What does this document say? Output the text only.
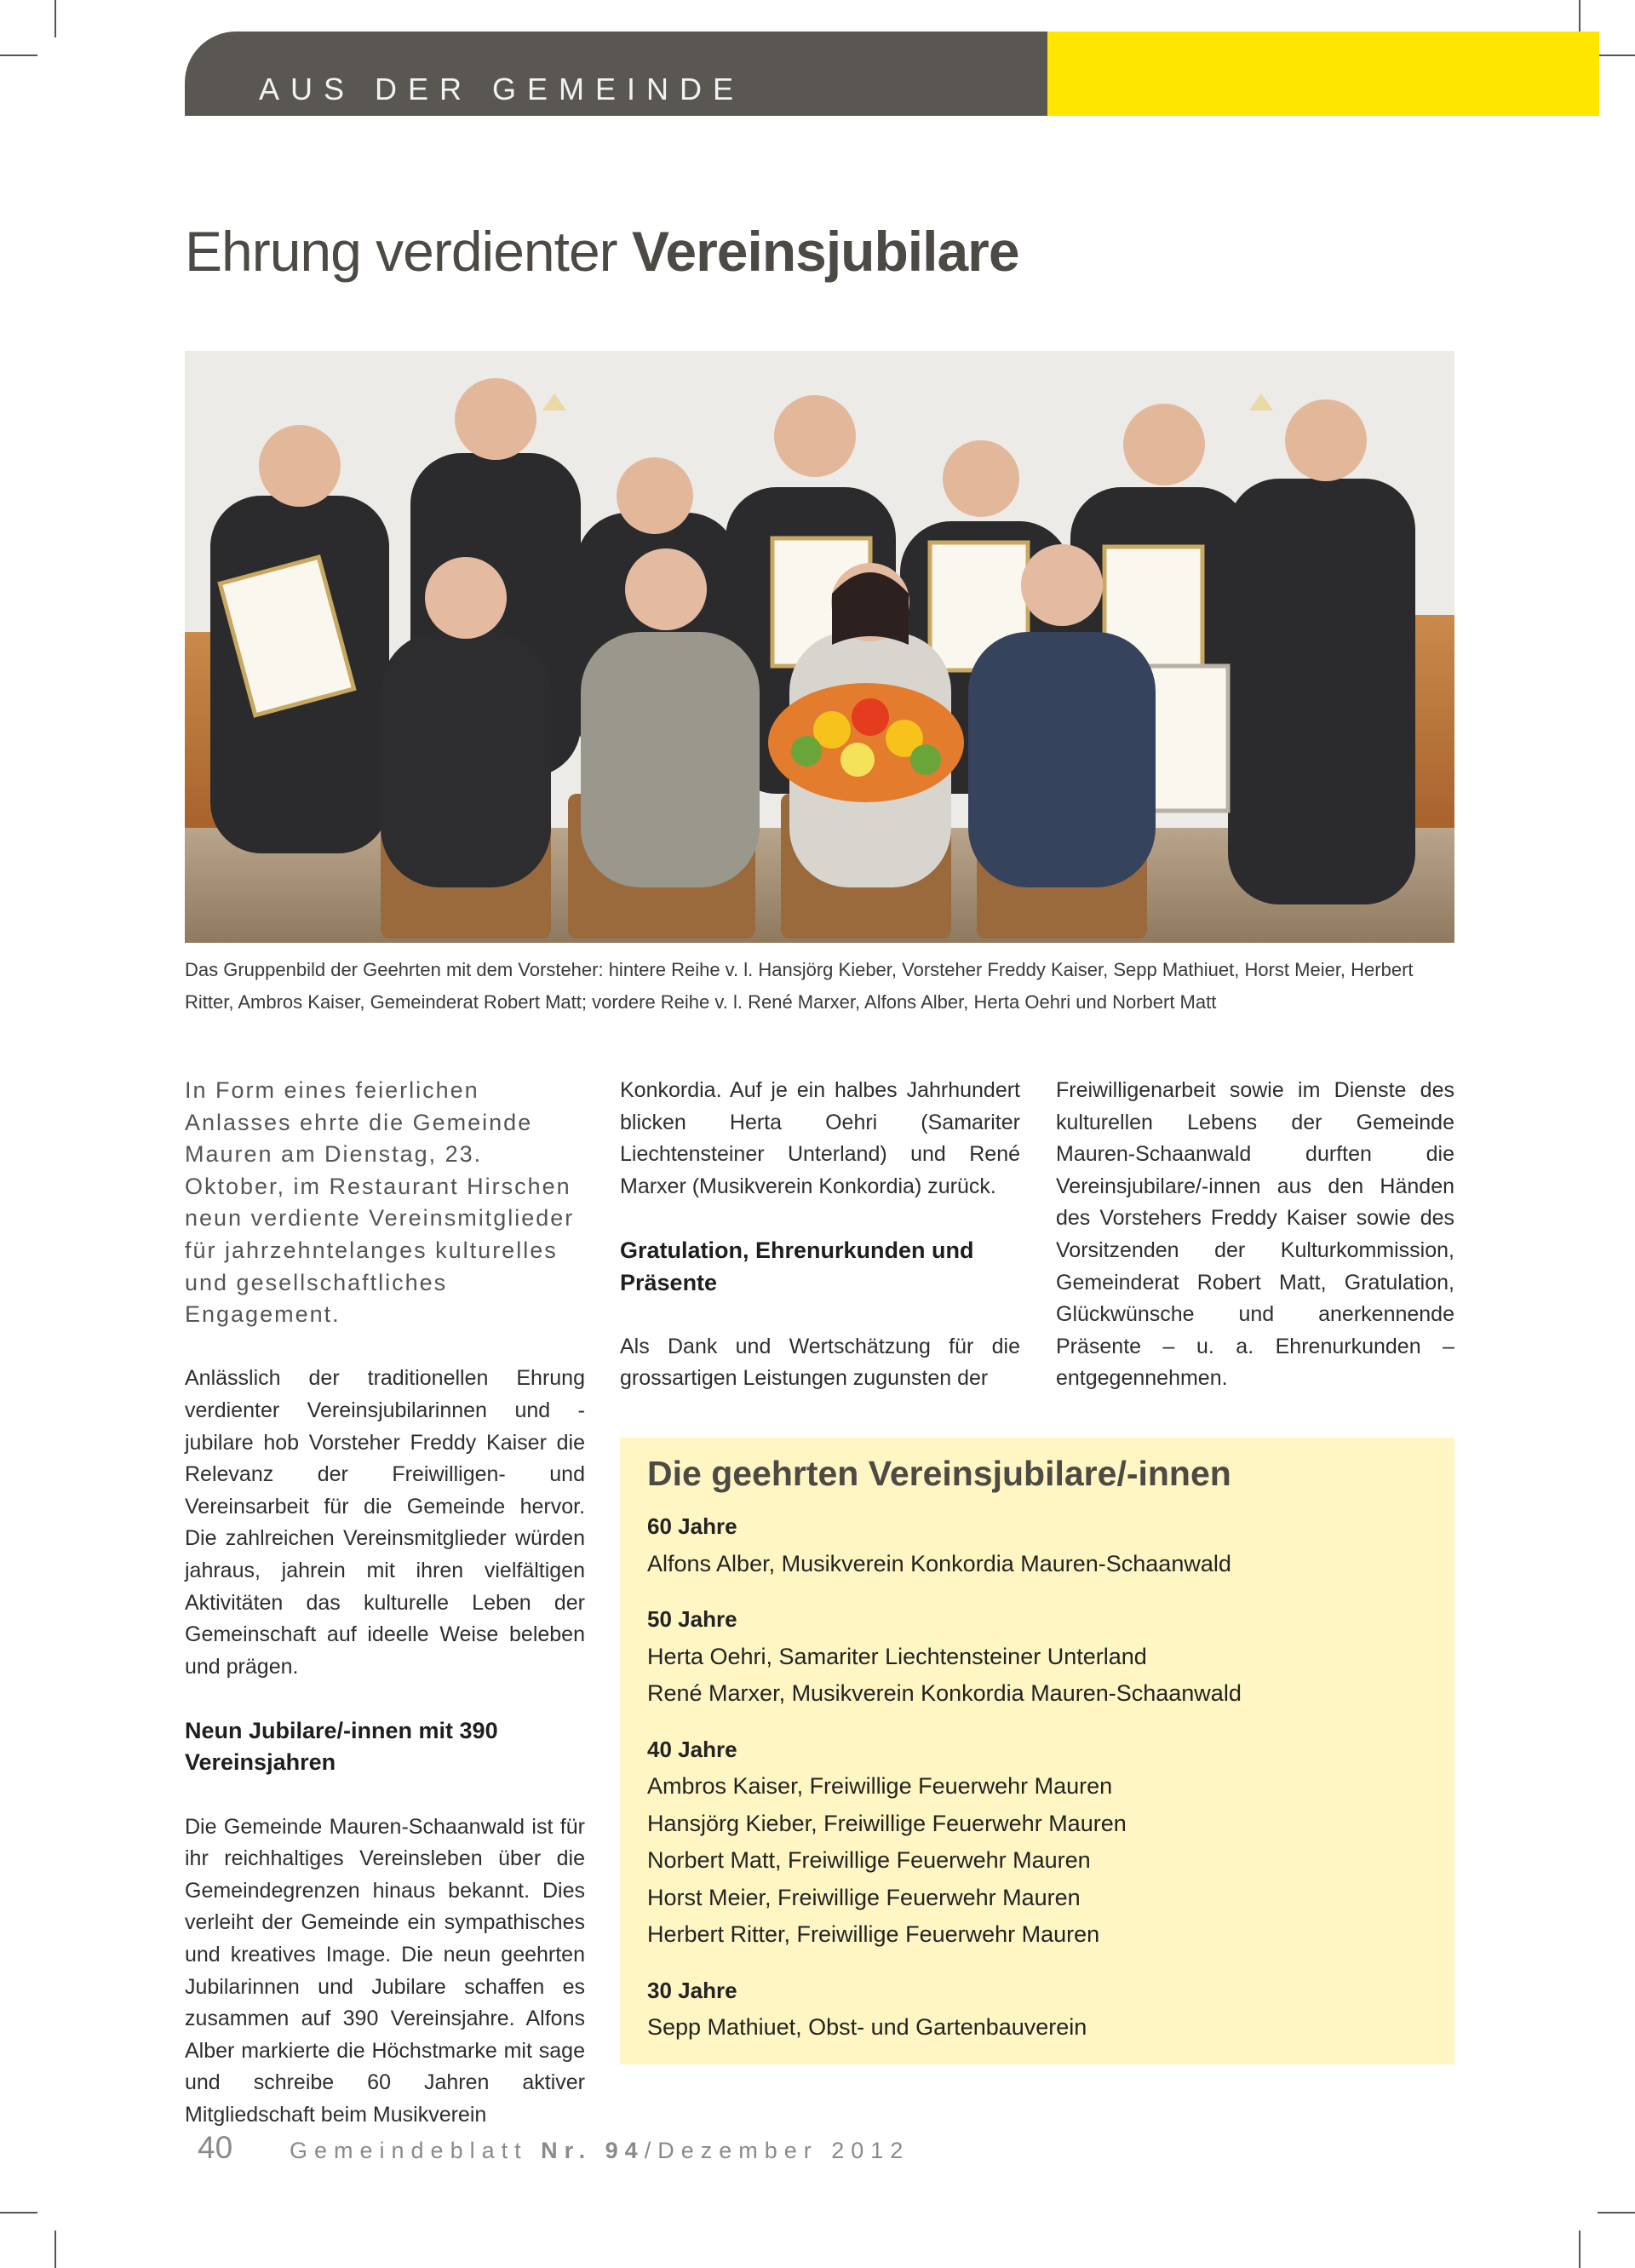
AUS DER GEMEINDE
Ehrung verdienter Vereinsjubilare

Das Gruppenbild der Geehrten mit dem Vorsteher: hintere Reihe v. l. Hansjörg Kieber, Vorsteher Freddy Kaiser, Sepp Mathiuet, Horst Meier, Herbert Ritter, Ambros Kaiser, Gemeinderat Robert Matt; vordere Reihe v. l. René Marxer, Alfons Alber, Herta Oehri und Norbert Matt

In Form eines feierlichen Anlasses ehrte die Gemeinde Mauren am Dienstag, 23. Oktober, im Restaurant Hirschen neun verdiente Vereinsmitglieder für jahrzehntelanges kulturelles und gesellschaftliches Engagement.

Anlässlich der traditionellen Ehrung verdienter Vereinsjubilarinnen und -jubilare hob Vorsteher Freddy Kaiser die Relevanz der Freiwilligen- und Vereinsarbeit für die Gemeinde hervor. Die zahlreichen Vereinsmitglieder würden jahraus, jahrein mit ihren vielfältigen Aktivitäten das kulturelle Leben der Gemeinschaft auf ideelle Weise beleben und prägen.

Neun Jubilare/-innen mit 390 Vereinsjahren

Die Gemeinde Mauren-Schaanwald ist für ihr reichhaltiges Vereinsleben über die Gemeindegrenzen hinaus bekannt. Dies verleiht der Gemeinde ein sympathisches und kreatives Image. Die neun geehrten Jubilarinnen und Jubilare schaffen es zusammen auf 390 Vereinsjahre. Alfons Alber markierte die Höchstmarke mit sage und schreibe 60 Jahren aktiver Mitgliedschaft beim Musikverein

Konkordia. Auf je ein halbes Jahrhundert blicken Herta Oehri (Samariter Liechtensteiner Unterland) und René Marxer (Musikverein Konkordia) zurück.

Gratulation, Ehrenurkunden und Präsente

Als Dank und Wertschätzung für die grossartigen Leistungen zugunsten der

Freiwilligenarbeit sowie im Dienste des kulturellen Lebens der Gemeinde Mauren-Schaanwald durften die Vereinsjubilare/-innen aus den Händen des Vorstehers Freddy Kaiser sowie des Vorsitzenden der Kulturkommission, Gemeinderat Robert Matt, Gratulation, Glückwünsche und anerkennende Präsente – u. a. Ehrenurkunden – entgegennehmen.

Die geehrten Vereinsjubilare/-innen

60 Jahre
Alfons Alber, Musikverein Konkordia Mauren-Schaanwald
50 Jahre
Herta Oehri, Samariter Liechtensteiner Unterland
René Marxer, Musikverein Konkordia Mauren-Schaanwald
40 Jahre
Ambros Kaiser, Freiwillige Feuerwehr Mauren
Hansjörg Kieber, Freiwillige Feuerwehr Mauren
Norbert Matt, Freiwillige Feuerwehr Mauren
Horst Meier, Freiwillige Feuerwehr Mauren
Herbert Ritter, Freiwillige Feuerwehr Mauren
30 Jahre
Sepp Mathiuet, Obst- und Gartenbauverein
40 Gemeindeblatt Nr. 94/Dezember 2012
